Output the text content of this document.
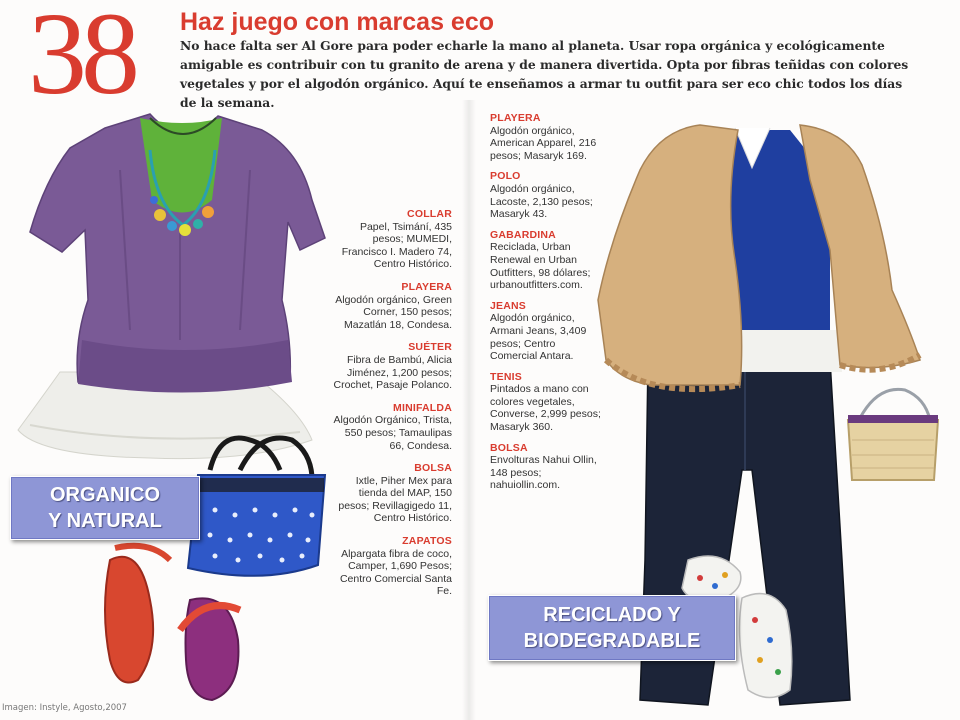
38 Haz juego con marcas eco
No hace falta ser Al Gore para poder echarle la mano al planeta. Usar ropa orgánica y ecológicamente amigable es contribuir con tu granito de arena y de manera divertida. Opta por fibras teñidas con colores vegetales y por el algodón orgánico. Aquí te enseñamos a armar tu outfit para ser eco chic todos los días de la semana.
COLLAR
Papel, Tsimání, 435 pesos; MUMEDI, Francisco I. Madero 74, Centro Histórico.
PLAYERA
Algodón orgánico, Green Corner, 150 pesos; Mazatlán 18, Condesa.
SUÉTER
Fibra de Bambú, Alicia Jiménez, 1,200 pesos; Crochet, Pasaje Polanco.
MINIFALDA
Algodón Orgánico, Trista, 550 pesos; Tamaulipas 66, Condesa.
BOLSA
Ixtle, Piher Mex para tienda del MAP, 150 pesos; Revillagigedo 11, Centro Histórico.
ZAPATOS
Alpargata fibra de coco, Camper, 1,690 Pesos; Centro Comercial Santa Fe.
PLAYERA
Algodón orgánico, American Apparel, 216 pesos; Masaryk 169.
POLO
Algodón orgánico, Lacoste, 2,130 pesos; Masaryk 43.
GABARDINA
Reciclada, Urban Renewal en Urban Outfitters, 98 dólares; urbanoutfitters.com.
JEANS
Algodón orgánico, Armani Jeans, 3,409 pesos; Centro Comercial Antara.
TENIS
Pintados a mano con colores vegetales, Converse, 2,999 pesos; Masaryk 360.
BOLSA
Envolturas Nahui Ollin, 148 pesos; nahuiollin.com.
ORGANICO
Y NATURAL
RECICLADO Y
BIODEGRADABLE
Imagen: Instyle, Agosto,2007
